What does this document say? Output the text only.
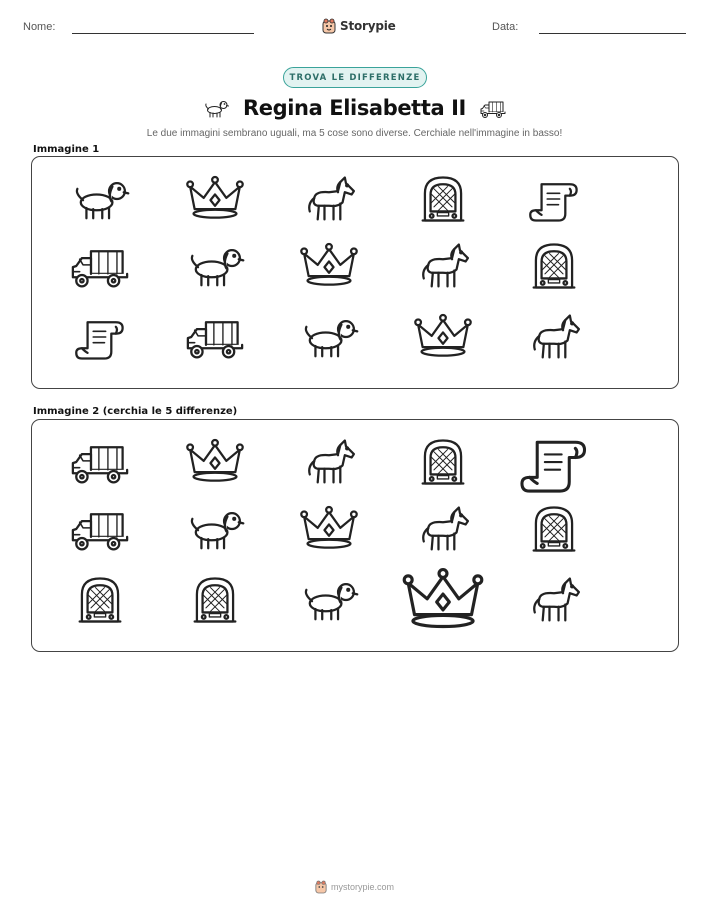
Nome:	Storypie	Data:
TROVA LE DIFFERENZE
Regina Elisabetta II
Le due immagini sembrano uguali, ma 5 cose sono diverse. Cerchiale nell'immagine in basso!
Immagine 1
Immagine 2 (cerchia le 5 differenze)
mystorypie.com
